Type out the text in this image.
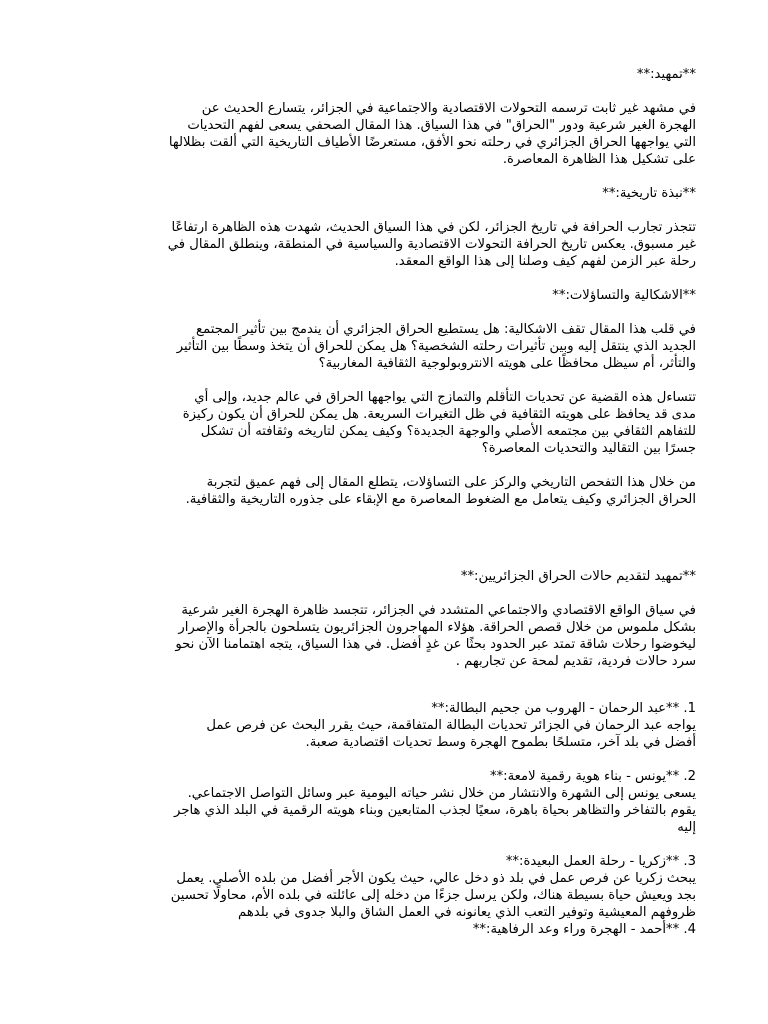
**تمهيد:**

في مشهد غير ثابت ترسمه التحولات الاقتصادية والاجتماعية في الجزائر، يتسارع الحديث عن
الهجرة الغير شرعية ودور "الحراق" في هذا السياق. هذا المقال الصحفي يسعى لفهم التحديات
التي يواجهها الحراق الجزائري في رحلته نحو الأفق، مستعرضًا الأطياف التاريخية التي ألقت بظلالها
على تشكيل هذا الظاهرة المعاصرة.

**نبذة تاريخية:**

تتجذر تجارب الحرافة في تاريخ الجزائر، لكن في هذا السياق الحديث، شهدت هذه الظاهرة ارتفاعًا
غير مسبوق. يعكس تاريخ الحرافة التحولات الاقتصادية والسياسية في المنطقة، وينطلق المقال في
رحلة عبر الزمن لفهم كيف وصلنا إلى هذا الواقع المعقد.

**الاشكالية والتساؤلات:**

في قلب هذا المقال تقف الاشكالية: هل يستطيع الحراق الجزائري أن يندمج بين تأثير المجتمع
الجديد الذي ينتقل إليه وبين تأثيرات رحلته الشخصية؟ هل يمكن للحراق أن يتخذ وسطًا بين التأثير
والتأثر، أم سيظل محافظًا على هويته الانتروبولوجية الثقافية المغاربية؟
تتساءل هذه القضية عن تحديات التأقلم والتمازج التي يواجهها الحراق في عالم جديد، وإلى أي
مدى قد يحافظ على هويته الثقافية في ظل التغيرات السريعة. هل يمكن للحراق أن يكون ركيزة
للتفاهم الثقافي بين مجتمعه الأصلي والوجهة الجديدة؟ وكيف يمكن لتاريخه وثقافته أن تشكل
جسرًا بين التقاليد والتحديات المعاصرة؟
من خلال هذا التفحص التاريخي والركز على التساؤلات، يتطلع المقال إلى فهم عميق لتجربة
الحراق الجزائري وكيف يتعامل مع الضغوط المعاصرة مع الإبقاء على جذوره التاريخية والثقافية.

**تمهيد لتقديم حالات الحراق الجزائريين:**

في سياق الواقع الاقتصادي والاجتماعي المتشدد في الجزائر، تتجسد ظاهرة الهجرة الغير شرعية
بشكل ملموس من خلال قصص الحراقة. هؤلاء المهاجرون الجزائريون يتسلحون بالجرأة والإصرار
ليخوضوا رحلات شاقة تمتد عبر الحدود بحثًا عن غدٍ أفضل. في هذا السياق، يتجه اهتمامنا الآن نحو
سرد حالات فردية، تقديم لمحة عن تجاربهم .

1. **عبد الرحمان - الهروب من جحيم البطالة:**

يواجه عبد الرحمان في الجزائر تحديات البطالة المتفاقمة، حيث يقرر البحث عن فرص عمل
أفضل في بلد آخر، متسلحًا بطموح الهجرة وسط تحديات اقتصادية صعبة.

2. **يونس - بناء هوية رقمية لامعة:**

يسعى يونس إلى الشهرة والانتشار من خلال نشر حياته اليومية عبر وسائل التواصل الاجتماعي.
يقوم بالتفاخر والتظاهر بحياة باهرة، سعيًا لجذب المتابعين وبناء هويته الرقمية في البلد الذي هاجر
إليه

3. **زكريا - رحلة العمل البعيدة:**

يبحث زكريا عن فرص عمل في بلد ذو دخل عالي، حيث يكون الأجر أفضل من بلده الأصلي. يعمل
بجد ويعيش حياة بسيطة هناك، ولكن يرسل جزءًا من دخله إلى عائلته في بلده الأم، محاولًا تحسين
ظروفهم المعيشية وتوفير التعب الذي يعانونه في العمل الشاق والبلا جدوى في بلدهم

4. **أحمد - الهجرة وراء وعد الرفاهية:**
